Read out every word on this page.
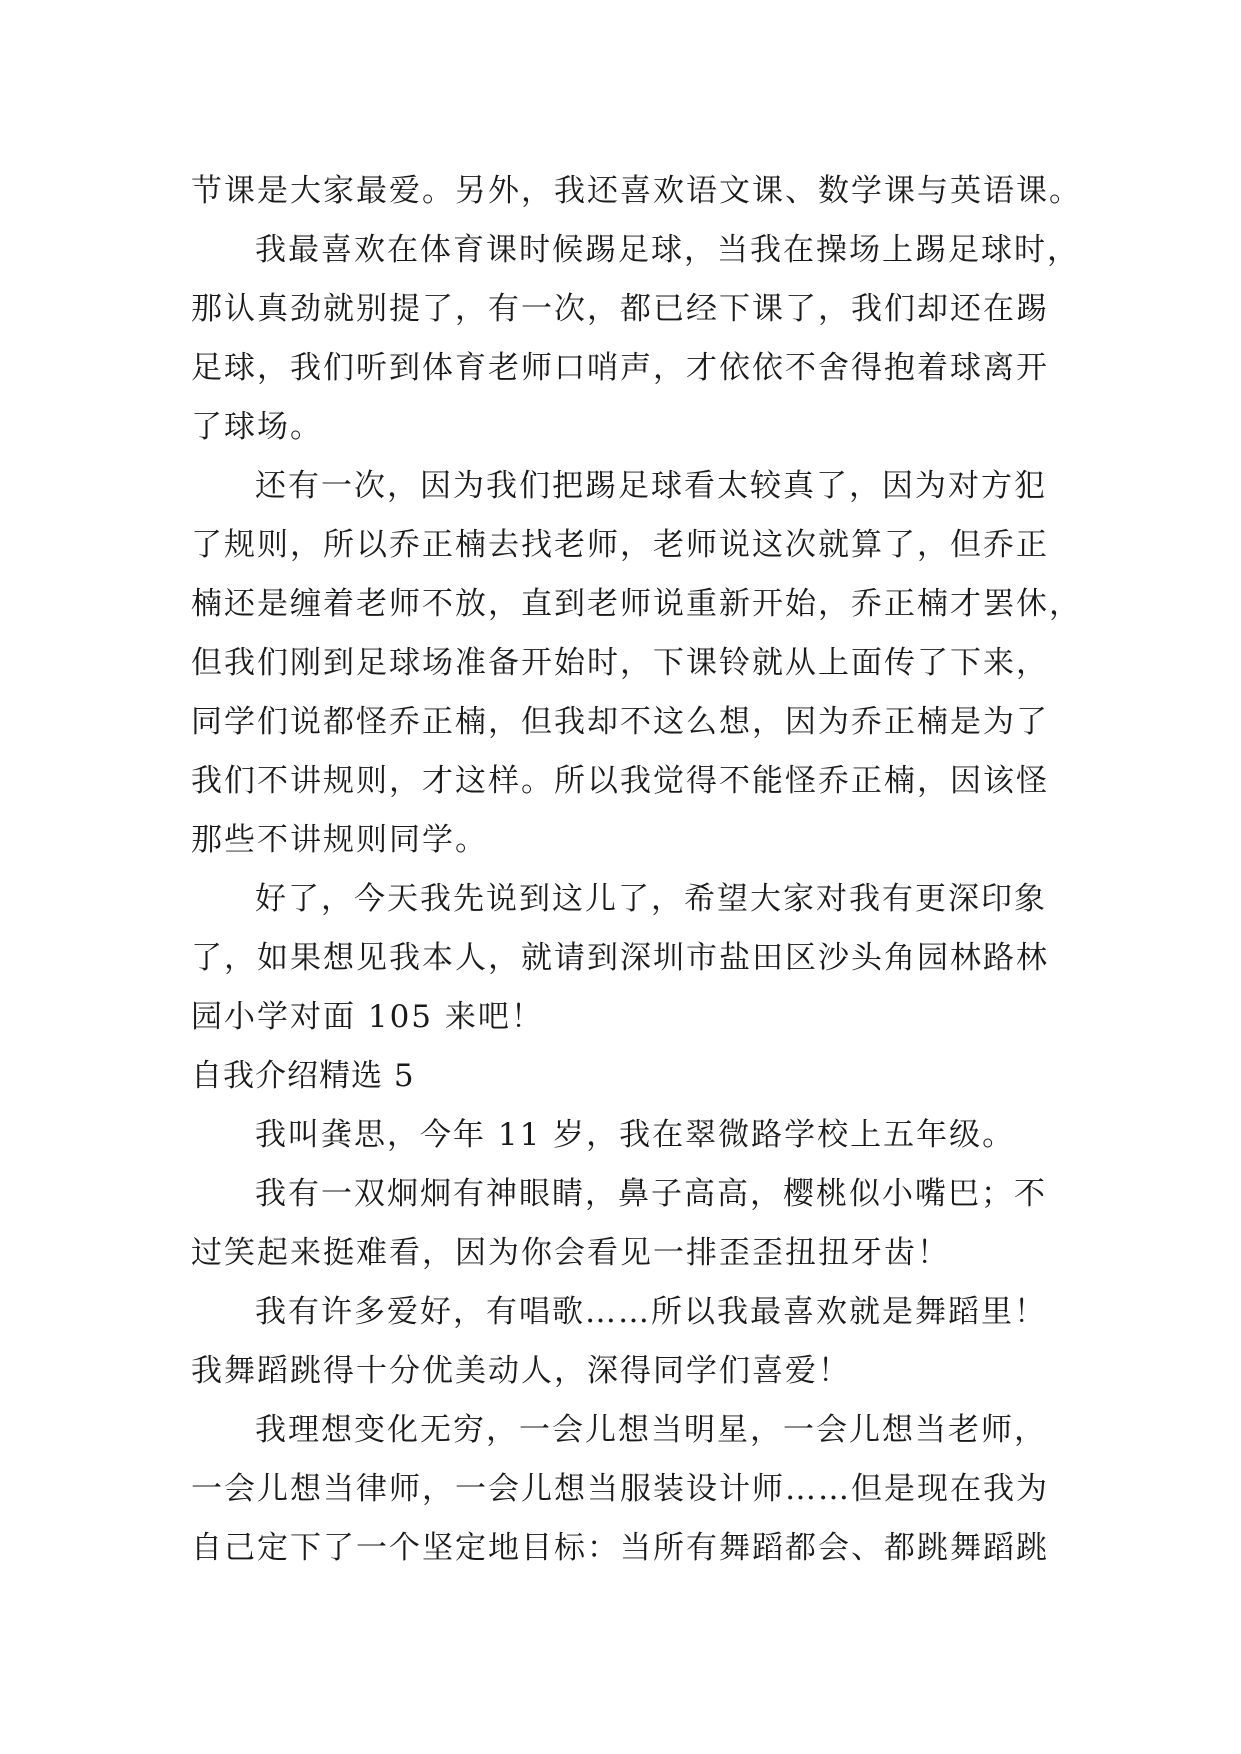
节课是大家最爱。另外，我还喜欢语文课、数学课与英语课。
我最喜欢在体育课时候踢足球，当我在操场上踢足球时，
那认真劲就别提了，有一次，都已经下课了，我们却还在踢
足球，我们听到体育老师口哨声，才依依不舍得抱着球离开
了球场。
还有一次，因为我们把踢足球看太较真了，因为对方犯
了规则，所以乔正楠去找老师，老师说这次就算了，但乔正
楠还是缠着老师不放，直到老师说重新开始，乔正楠才罢休，
但我们刚到足球场准备开始时，下课铃就从上面传了下来，
同学们说都怪乔正楠，但我却不这么想，因为乔正楠是为了
我们不讲规则，才这样。所以我觉得不能怪乔正楠，因该怪
那些不讲规则同学。
好了，今天我先说到这儿了，希望大家对我有更深印象
了，如果想见我本人，就请到深圳市盐田区沙头角园林路林
园小学对面 105 来吧！
自我介绍精选 5
我叫龚思，今年 11 岁，我在翠微路学校上五年级。
我有一双炯炯有神眼睛，鼻子高高，樱桃似小嘴巴；不
过笑起来挺难看，因为你会看见一排歪歪扭扭牙齿！
我有许多爱好，有唱歌……所以我最喜欢就是舞蹈里！
我舞蹈跳得十分优美动人，深得同学们喜爱！
我理想变化无穷，一会儿想当明星，一会儿想当老师，
一会儿想当律师，一会儿想当服装设计师……但是现在我为
自己定下了一个坚定地目标：当所有舞蹈都会、都跳舞蹈跳
